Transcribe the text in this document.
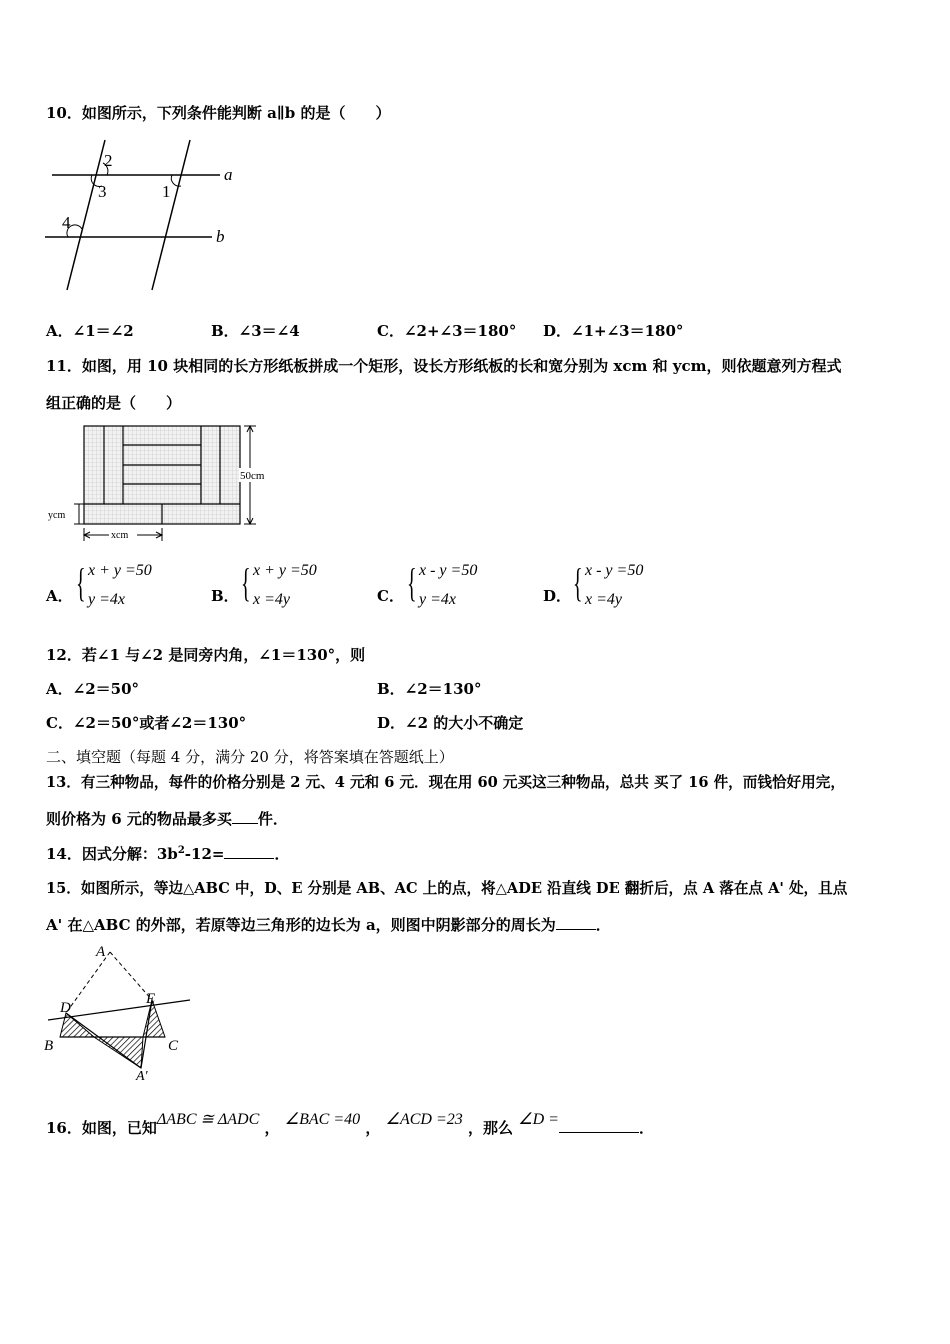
10．如图所示，下列条件能判断 a∥b 的是（　　）
2
3	1
4
a
b
A．∠1＝∠2	B．∠3＝∠4	C．∠2+∠3＝180° D．∠1+∠3＝180°
11．如图，用 10 块相同的长方形纸板拼成一个矩形，设长方形纸板的长和宽分别为 xcm 和 ycm，则依题意列方程式
组正确的是（　　）
50cm
xcm
ycm
A． { x + y =50
y =4x	B． { x + y =50
x =4y	C． { x - y =50
y =4x	D． { x - y =50
x =4y
12．若∠1 与∠2 是同旁内角，∠1＝130°，则
A．∠2＝50°	B．∠2＝130°
C．∠2＝50°或者∠2＝130°	D．∠2 的大小不确定
二、填空题（每题 4 分，满分 20 分，将答案填在答题纸上）
13．有三种物品，每件的价格分别是 2 元、4 元和 6 元．现在用 60 元买这三种物品，总共 买了 16 件，而钱恰好用完，
则价格为 6 元的物品最多买 件．
14．因式分解：$3b^2-12=$	．
15．如图所示，等边△ABC 中，D、E 分别是 AB、AC 上的点，将△ADE 沿直线 DE 翻折后，点 A 落在点 A' 处，且点
A' 在△ABC 的外部，若原等边三角形的边长为 a，则图中阴影部分的周长为	．
A
D
E
B	C
A'
16．如图，已知ΔABC ≅ ΔADC ， ∠BAC =40 ， ∠ACD =23 ，那么 ∠D =	．
